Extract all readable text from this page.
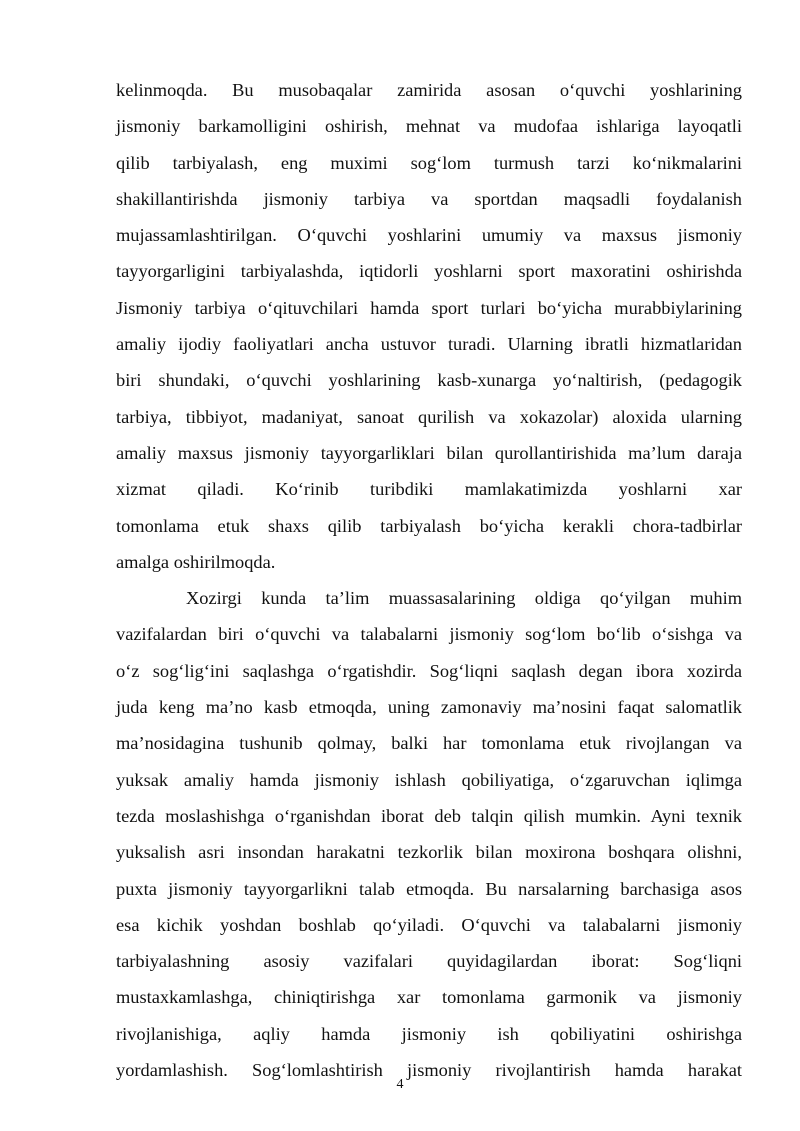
kelinmoqda. Bu musobaqalar zamirida asosan o‘quvchi yoshlarining
jismoniy barkamolligini oshirish, mehnat va mudofaa ishlariga layoqatli
qilib tarbiyalash, eng muximi sog‘lom turmush tarzi ko‘nikmalarini
shakillantirishda jismoniy tarbiya va sportdan maqsadli foydalanish
mujassamlashtirilgan. O‘quvchi yoshlarini umumiy va maxsus jismoniy
tayyorgarligini tarbiyalashda, iqtidorli yoshlarni sport maxoratini oshirishda
Jismoniy tarbiya o‘qituvchilari hamda sport turlari bo‘yicha murabbiylarining
amaliy ijodiy faoliyatlari ancha ustuvor turadi. Ularning ibratli hizmatlaridan
biri shundaki, o‘quvchi yoshlarining kasb-xunarga yo‘naltirish, (pedagogik
tarbiya, tibbiyot, madaniyat, sanoat qurilish va xokazolar) aloxida ularning
amaliy maxsus jismoniy tayyorgarliklari bilan qurollantirishida ma’lum daraja
xizmat qiladi. Ko‘rinib turibdiki mamlakatimizda yoshlarni xar
tomonlama etuk shaxs qilib tarbiyalash bo‘yicha kerakli chora-tadbirlar
amalga oshirilmoqda.
Xozirgi kunda ta’lim muassasalarining oldiga qo‘yilgan muhim
vazifalardan biri o‘quvchi va talabalarni jismoniy sog‘lom bo‘lib o‘sishga va
o‘z sog‘lig‘ini saqlashga o‘rgatishdir. Sog‘liqni saqlash degan ibora xozirda
juda keng ma’no kasb etmoqda, uning zamonaviy ma’nosini faqat salomatlik
ma’nosidagina tushunib qolmay, balki har tomonlama etuk rivojlangan va
yuksak amaliy hamda jismoniy ishlash qobiliyatiga, o‘zgaruvchan iqlimga
tezda moslashishga o‘rganishdan iborat deb talqin qilish mumkin. Ayni texnik
yuksalish asri insondan harakatni tezkorlik bilan moxirona boshqara olishni,
puxta jismoniy tayyorgarlikni talab etmoqda. Bu narsalarning barchasiga asos
esa kichik yoshdan boshlab qo‘yiladi. O‘quvchi va talabalarni jismoniy
tarbiyalashning asosiy vazifalari quyidagilardan iborat: Sog‘liqni
mustaxkamlashga, chiniqtirishga xar tomonlama garmonik va jismoniy
rivojlanishiga, aqliy hamda jismoniy ish qobiliyatini oshirishga
yordamlashish. Sog‘lomlashtirish jismoniy rivojlantirish hamda harakat
4
